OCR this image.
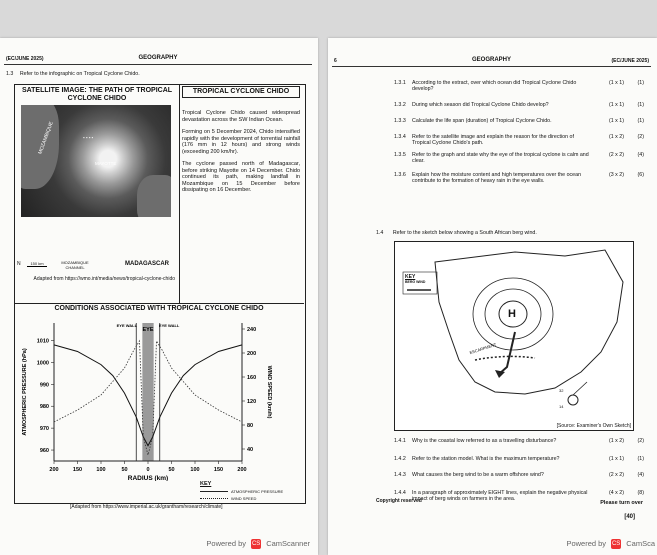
(EC/JUNE 2025)	GEOGRAPHY
1.3 Refer to the infographic on Tropical Cyclone Chido.
SATELLITE IMAGE: THE PATH OF TROPICAL CYCLONE CHIDO
MOZAMBIQUE
MAYOTTE
▪ ▪ ▪ ▪
N	150 km	MOZAMBIQUE CHANNEL
MADAGASCAR
Adapted from https://wmo.int/media/news/tropical-cyclone-chido
TROPICAL CYCLONE CHIDO
Tropical Cyclone Chido caused widespread devastation across the SW Indian Ocean.
Forming on 5 December 2024, Chido intensified rapidly with the development of torrential rainfall (176 mm in 12 hours) and strong winds (exceeding 200 km/hr).
The cyclone passed north of Madagascar, before striking Mayotte on 14 December. Chido continued its path, making landfall in Mozambique on 15 December before dissipating on 16 December.
CONDITIONS ASSOCIATED WITH TROPICAL CYCLONE CHIDO
200	150	100	50	0	50	100	150	200
RADIUS (km)
960
970
980
990
1000
1010
ATMOSPHERIC PRESSURE (hPa)
40
80
120
160
200
240
WIND SPEED (km/h)
EYE
EYE WALL	EYE WALL
KEY
ATMOSPHERIC PRESSURE
WIND SPEED
[Adapted from https://www.imperial.ac.uk/grantham/research/climate]
Powered by CS CamScanner
6	GEOGRAPHY	(EC/JUNE 2025)
1.3.1 According to the extract, over which ocean did Tropical Cyclone Chido develop?
(1 x 1)	(1)
1.3.2 During which season did Tropical Cyclone Chido develop?	(1 x 1)	(1)
1.3.3 Calculate the life span (duration) of Tropical Cyclone Chido.	(1 x 1)	(1)
1.3.4 Refer to the satellite image and explain the reason for the direction of Tropical Cyclone Chido's path.
(1 x 2)	(2)
1.3.5 Refer to the graph and state why the eye of the tropical cyclone is calm and clear.
(2 x 2)	(4)
1.3.6 Explain how the moisture content and high temperatures over the ocean contribute to the formation of heavy rain in the eye walls.
(3 x 2)	(6)
1.4 Refer to the sketch below showing a South African berg wind.
KEY
BERG WIND
H
ESCARPMENT
32
14
[Source: Examiner's Own Sketch]
1.4.1 Why is the coastal low referred to as a travelling disturbance?	(1 x 2)	(2)
1.4.2 Refer to the station model. What is the maximum temperature?	(1 x 1)	(1)
1.4.3 What causes the berg wind to be a warm offshore wind?	(2 x 2)	(4)
1.4.4 In a paragraph of approximately EIGHT lines, explain the negative physical impact of berg winds on farmers in the area.
(4 x 2)	(8)
[40]
Copyright reserved	Please turn over
Powered by CS CamSca
